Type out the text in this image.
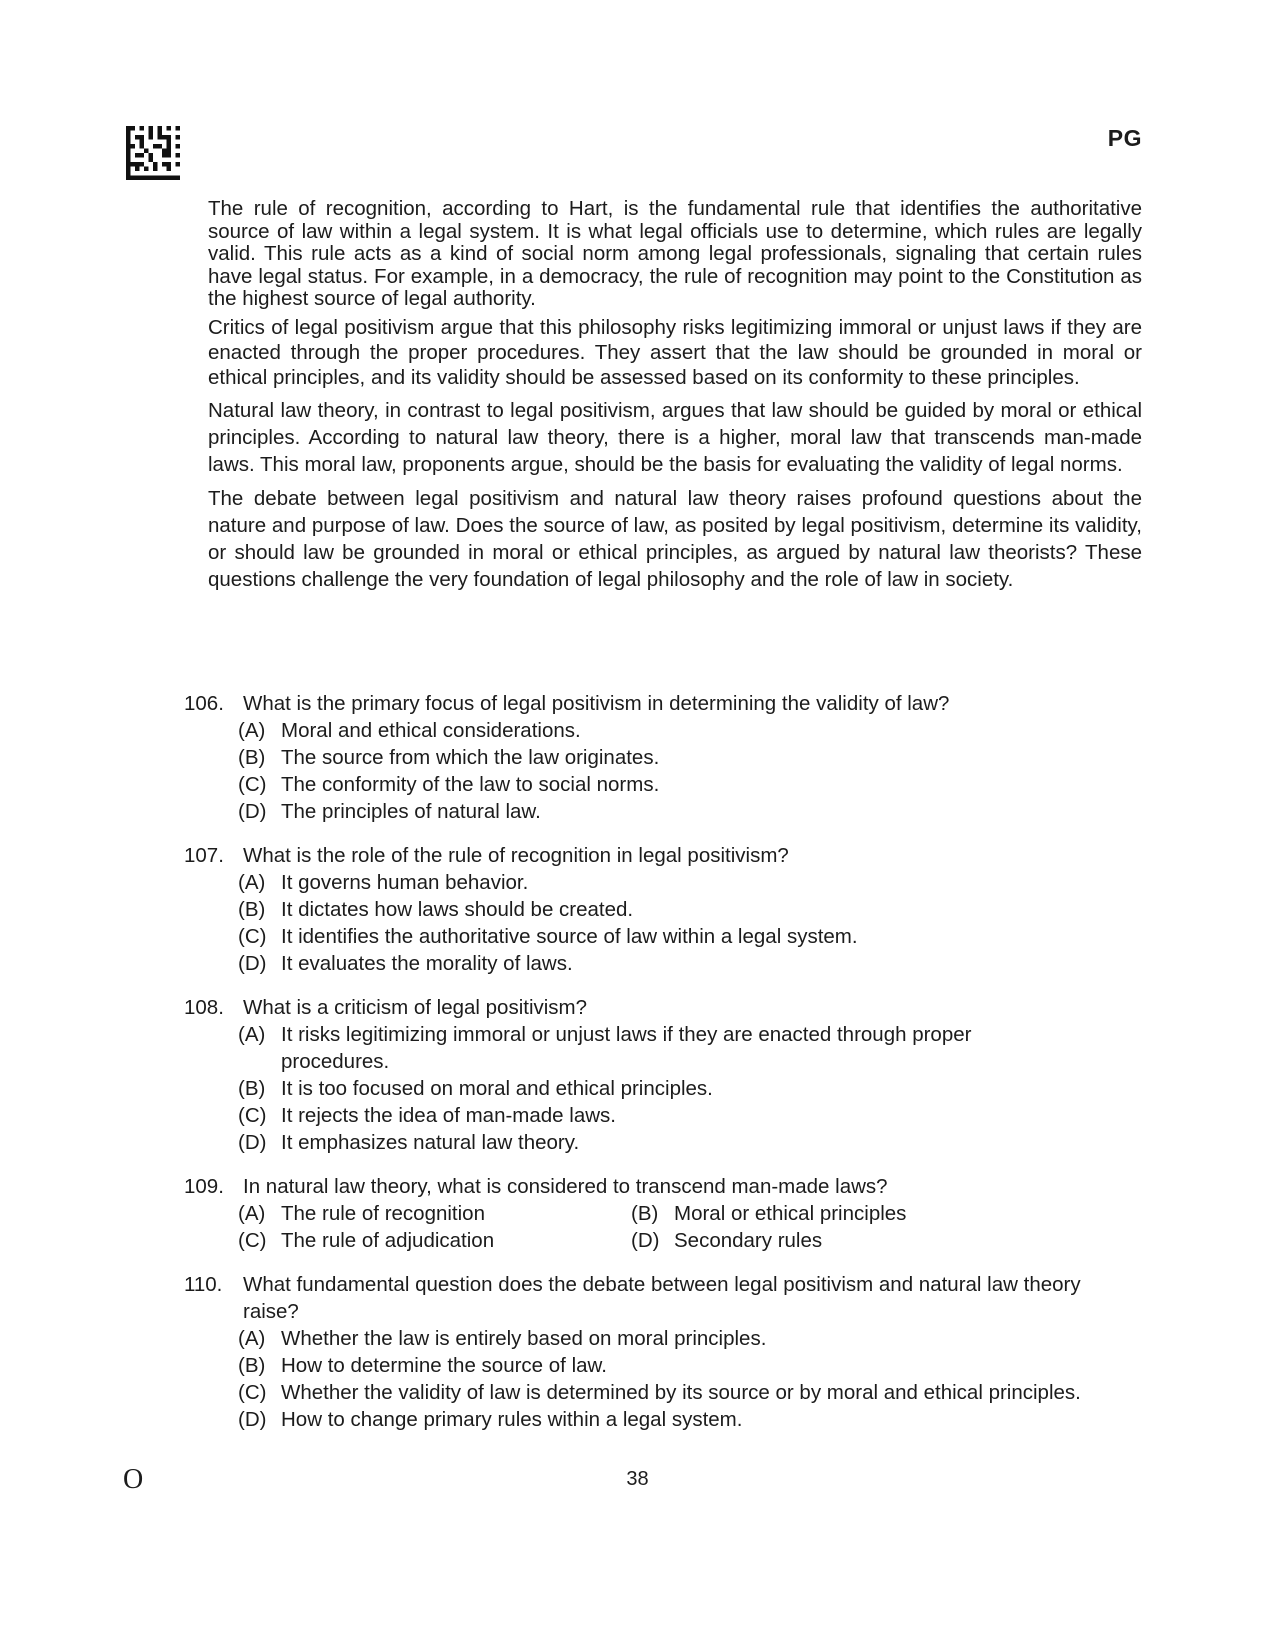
PG

The rule of recognition, according to Hart, is the fundamental rule that identifies the authoritative source of law within a legal system. It is what legal officials use to determine, which rules are legally valid. This rule acts as a kind of social norm among legal professionals, signaling that certain rules have legal status. For example, in a democracy, the rule of recognition may point to the Constitution as the highest source of legal authority.

Critics of legal positivism argue that this philosophy risks legitimizing immoral or unjust laws if they are enacted through the proper procedures. They assert that the law should be grounded in moral or ethical principles, and its validity should be assessed based on its conformity to these principles.

Natural law theory, in contrast to legal positivism, argues that law should be guided by moral or ethical principles. According to natural law theory, there is a higher, moral law that transcends man-made laws. This moral law, proponents argue, should be the basis for evaluating the validity of legal norms.

The debate between legal positivism and natural law theory raises profound questions about the nature and purpose of law. Does the source of law, as posited by legal positivism, determine its validity, or should law be grounded in moral or ethical principles, as argued by natural law theorists? These questions challenge the very foundation of legal philosophy and the role of law in society.

106. What is the primary focus of legal positivism in determining the validity of law?
(A) Moral and ethical considerations.
(B) The source from which the law originates.
(C) The conformity of the law to social norms.
(D) The principles of natural law.
107. What is the role of the rule of recognition in legal positivism?
(A) It governs human behavior.
(B) It dictates how laws should be created.
(C) It identifies the authoritative source of law within a legal system.
(D) It evaluates the morality of laws.
108. What is a criticism of legal positivism?
(A) It risks legitimizing immoral or unjust laws if they are enacted through proper procedures.
(B) It is too focused on moral and ethical principles.
(C) It rejects the idea of man-made laws.
(D) It emphasizes natural law theory.
109. In natural law theory, what is considered to transcend man-made laws?
(A) The rule of recognition	(B) Moral or ethical principles
(C) The rule of adjudication	(D) Secondary rules
110.	What fundamental question does the debate between legal positivism and natural law theory raise?
(A) Whether the law is entirely based on moral principles.
(B) How to determine the source of law.
(C) Whether the validity of law is determined by its source or by moral and ethical principles.
(D) How to change primary rules within a legal system.
O	38
